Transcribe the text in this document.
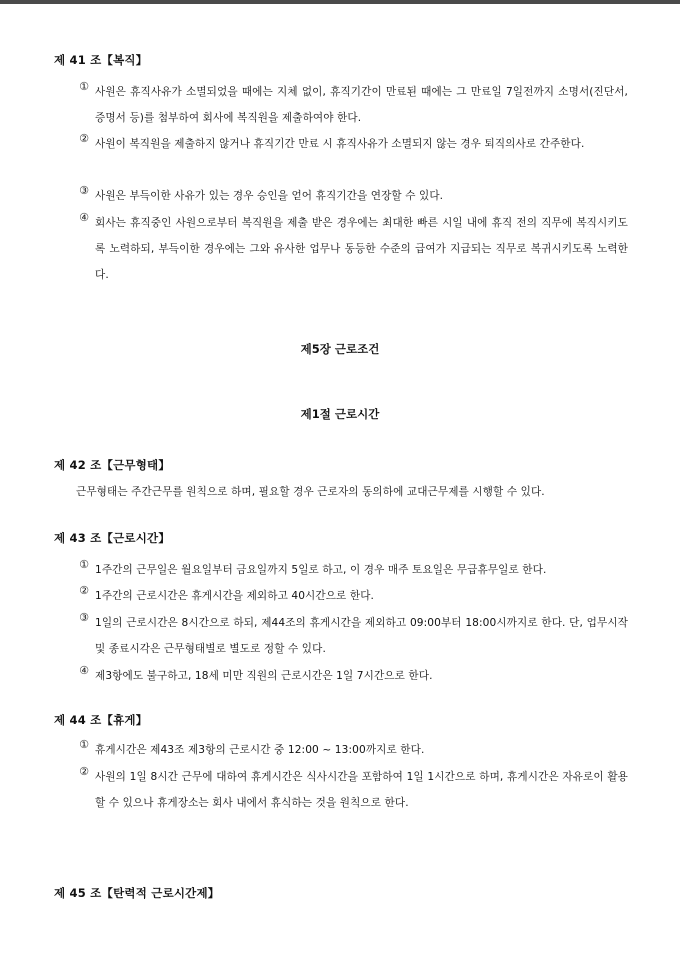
제 41 조【복직】
① 사원은 휴직사유가 소멸되었을 때에는 지체 없이, 휴직기간이 만료된 때에는 그 만료일 7일전까지 소명서(진단서, 증명서 등)를 첨부하여 회사에 복직원을 제출하여야 한다.
② 사원이 복직원을 제출하지 않거나 휴직기간 만료 시 휴직사유가 소멸되지 않는 경우 퇴직의사로 간주한다.
③ 사원은 부득이한 사유가 있는 경우 승인을 얻어 휴직기간을 연장할 수 있다.
④ 회사는 휴직중인 사원으로부터 복직원을 제출 받은 경우에는 최대한 빠른 시일 내에 휴직 전의 직무에 복직시키도록 노력하되, 부득이한 경우에는 그와 유사한 업무나 동등한 수준의 급여가 지급되는 직무로 복귀시키도록 노력한다.
제5장 근로조건
제1절 근로시간
제 42 조【근무형태】
근무형태는 주간근무를 원칙으로 하며, 필요할 경우 근로자의 동의하에 교대근무제를 시행할 수 있다.
제 43 조【근로시간】
① 1주간의 근무일은 월요일부터 금요일까지 5일로 하고, 이 경우 매주 토요일은 무급휴무일로 한다.
② 1주간의 근로시간은 휴게시간을 제외하고 40시간으로 한다.
③ 1일의 근로시간은 8시간으로 하되, 제44조의 휴게시간을 제외하고 09:00부터 18:00시까지로 한다. 단, 업무시작 및 종료시각은 근무형태별로 별도로 정할 수 있다.
④ 제3항에도 불구하고, 18세 미만 직원의 근로시간은 1일 7시간으로 한다.
제 44 조【휴게】
① 휴게시간은 제43조 제3항의 근로시간 중 12:00 ~ 13:00까지로 한다.
② 사원의 1일 8시간 근무에 대하여 휴게시간은 식사시간을 포함하여 1일 1시간으로 하며, 휴게시간은 자유로이 활용할 수 있으나 휴게장소는 회사 내에서 휴식하는 것을 원칙으로 한다.
제 45 조【탄력적 근로시간제】
